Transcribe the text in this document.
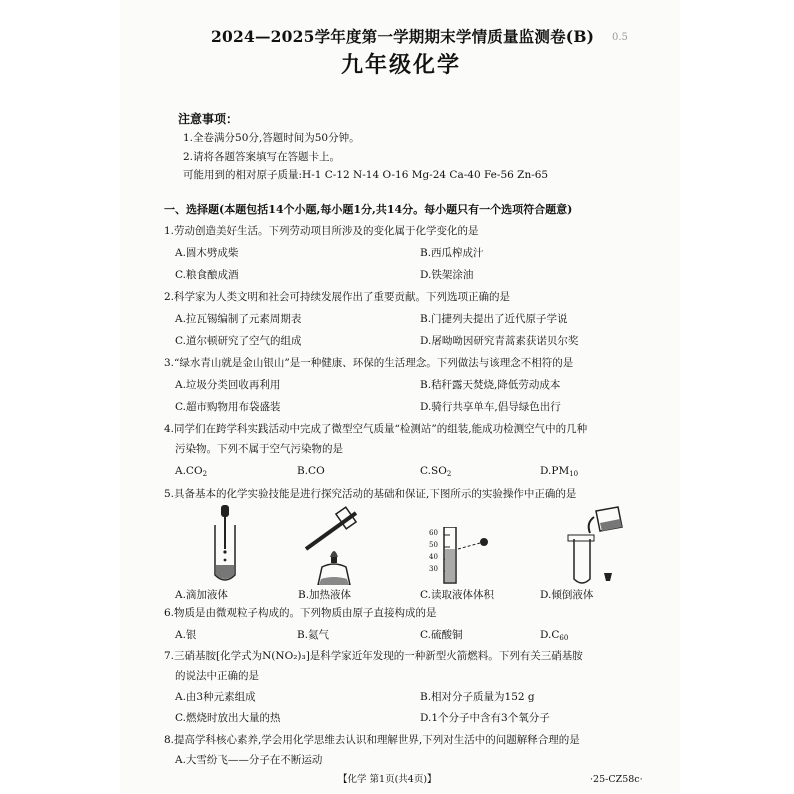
2024—2025学年度第一学期期末学情质量监测卷(B) 0.5
九年级化学
注意事项：
1.全卷满分50分,答题时间为50分钟。
2.请将各题答案填写在答题卡上。
可能用到的相对原子质量:H-1 C-12 N-14 O-16 Mg-24 Ca-40 Fe-56 Zn-65
一、选择题(本题包括14个小题,每小题1分,共14分。每小题只有一个选项符合题意)
1.劳动创造美好生活。下列劳动项目所涉及的变化属于化学变化的是
A.圆木劈成柴	B.西瓜榨成汁
C.粮食酿成酒	D.铁架涂油
2.科学家为人类文明和社会可持续发展作出了重要贡献。下列选项正确的是
A.拉瓦锡编制了元素周期表	B.门捷列夫提出了近代原子学说
C.道尔顿研究了空气的组成	D.屠呦呦因研究青蒿素获诺贝尔奖
3.“绿水青山就是金山银山”是一种健康、环保的生活理念。下列做法与该理念不相符的是
A.垃圾分类回收再利用	B.秸秆露天焚烧,降低劳动成本
C.超市购物用布袋盛装	D.骑行共享单车,倡导绿色出行
4.同学们在跨学科实践活动中完成了微型空气质量“检测站”的组装,能成功检测空气中的几种
污染物。下列不属于空气污染物的是
$A.CO_2$	B.CO	$C.SO_2$	$D.PM_{10}$
5.具备基本的化学实验技能是进行探究活动的基础和保证,下图所示的实验操作中正确的是
A.滴加液体	B.加热液体
60
50
40
30
C.读取液体体积	D.倾倒液体
6.物质是由微观粒子构成的。下列物质由原子直接构成的是
A.银	B.氦气	C.硫酸铜	$D.C_{60}$
7.三硝基胺[化学式为N(NO₂)₃]是科学家近年发现的一种新型火箭燃料。下列有关三硝基胺
的说法中正确的是
A.由3种元素组成	B.相对分子质量为152 g
C.燃烧时放出大量的热	D.1个分子中含有3个氧分子
8.提高学科核心素养,学会用化学思维去认识和理解世界,下列对生活中的问题解释合理的是
A.大雪纷飞——分子在不断运动
【化学 第1页(共4页)】	·25-CZ58c·
